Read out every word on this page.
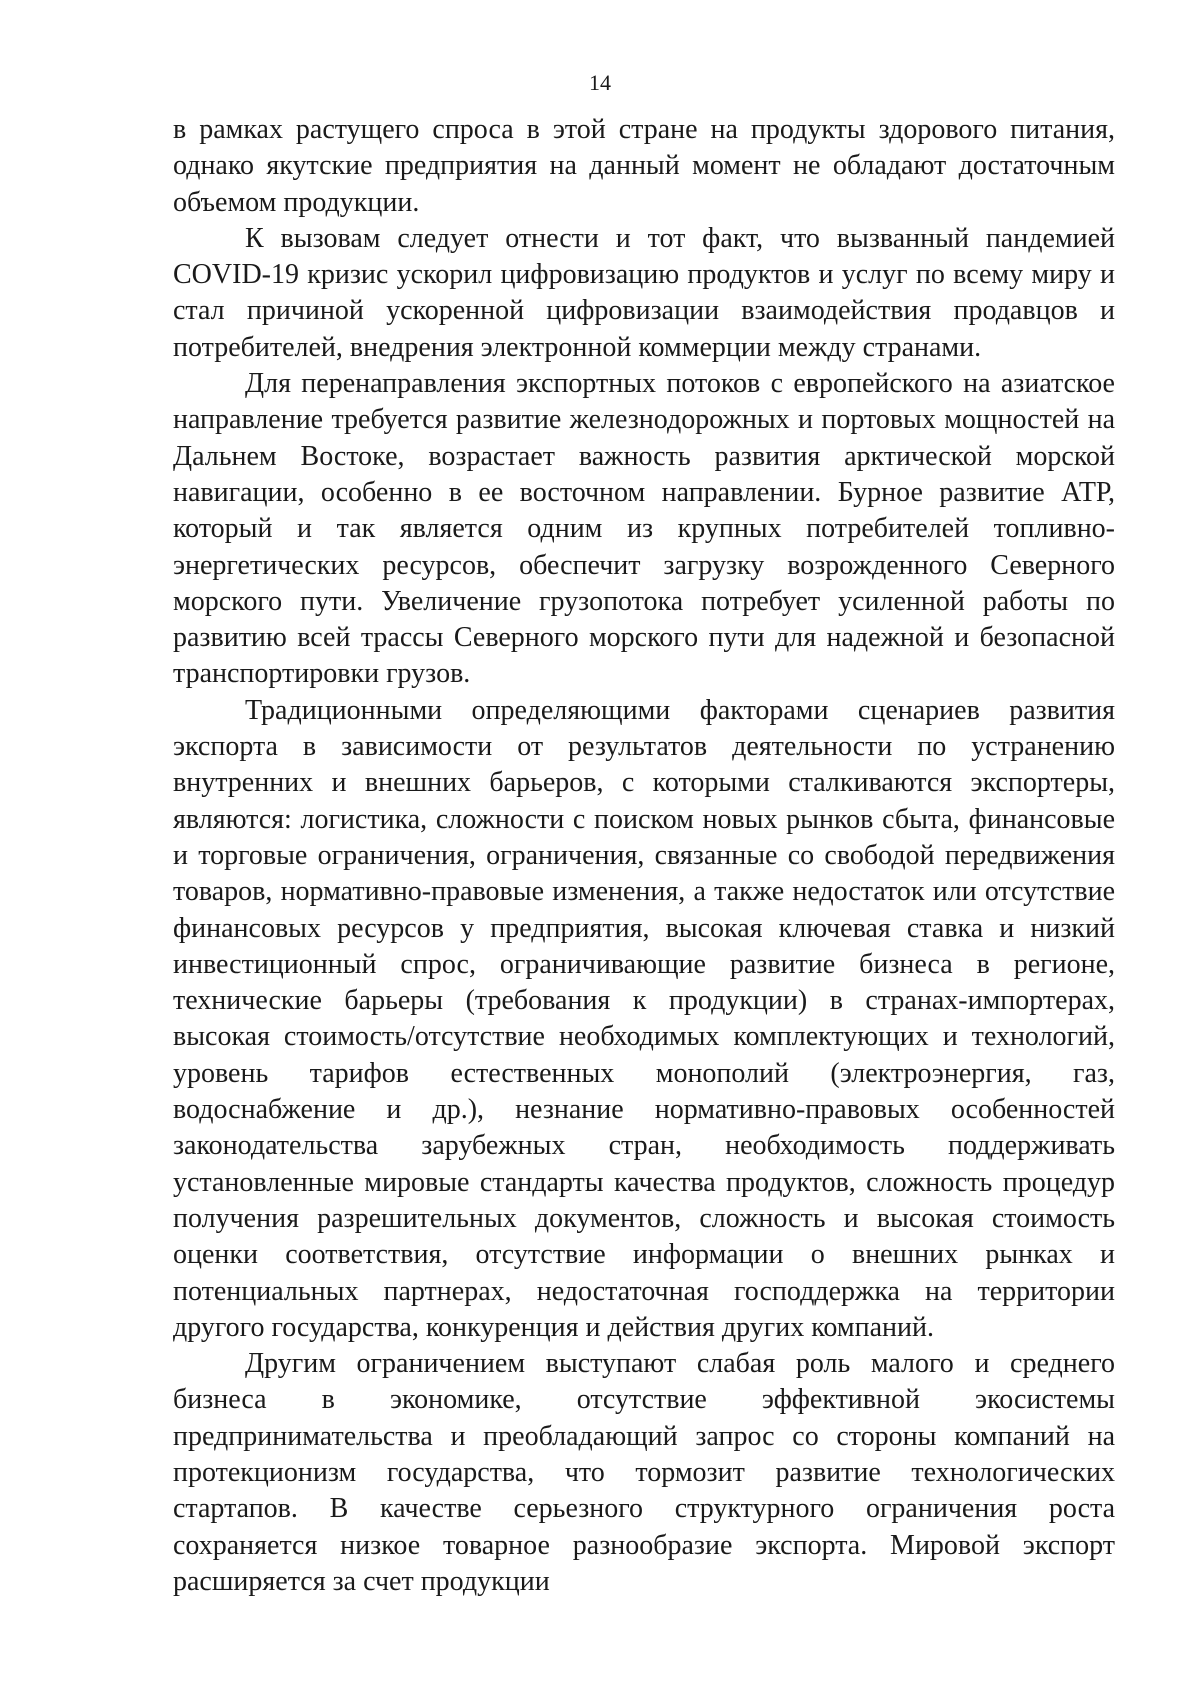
14

в рамках растущего спроса в этой стране на продукты здорового питания, однако якутские предприятия на данный момент не обладают достаточным объемом продукции.

К вызовам следует отнести и тот факт, что вызванный пандемией COVID-19 кризис ускорил цифровизацию продуктов и услуг по всему миру и стал причиной ускоренной цифровизации взаимодействия продавцов и потребителей, внедрения электронной коммерции между странами.

Для перенаправления экспортных потоков с европейского на азиатское направление требуется развитие железнодорожных и портовых мощностей на Дальнем Востоке, возрастает важность развития арктической морской навигации, особенно в ее восточном направлении. Бурное развитие АТР, который и так является одним из крупных потребителей топливно-энергетических ресурсов, обеспечит загрузку возрожденного Северного морского пути. Увеличение грузопотока потребует усиленной работы по развитию всей трассы Северного морского пути для надежной и безопасной транспортировки грузов.

Традиционными определяющими факторами сценариев развития экспорта в зависимости от результатов деятельности по устранению внутренних и внешних барьеров, с которыми сталкиваются экспортеры, являются: логистика, сложности с поиском новых рынков сбыта, финансовые и торговые ограничения, ограничения, связанные со свободой передвижения товаров, нормативно-правовые изменения, а также недостаток или отсутствие финансовых ресурсов у предприятия, высокая ключевая ставка и низкий инвестиционный спрос, ограничивающие развитие бизнеса в регионе, технические барьеры (требования к продукции) в странах-импортерах, высокая стоимость/отсутствие необходимых комплектующих и технологий, уровень тарифов естественных монополий (электроэнергия, газ, водоснабжение и др.), незнание нормативно-правовых особенностей законодательства зарубежных стран, необходимость поддерживать установленные мировые стандарты качества продуктов, сложность процедур получения разрешительных документов, сложность и высокая стоимость оценки соответствия, отсутствие информации о внешних рынках и потенциальных партнерах, недостаточная господдержка на территории другого государства, конкуренция и действия других компаний.

Другим ограничением выступают слабая роль малого и среднего бизнеса в экономике, отсутствие эффективной экосистемы предпринимательства и преобладающий запрос со стороны компаний на протекционизм государства, что тормозит развитие технологических стартапов. В качестве серьезного структурного ограничения роста сохраняется низкое товарное разнообразие экспорта. Мировой экспорт расширяется за счет продукции
